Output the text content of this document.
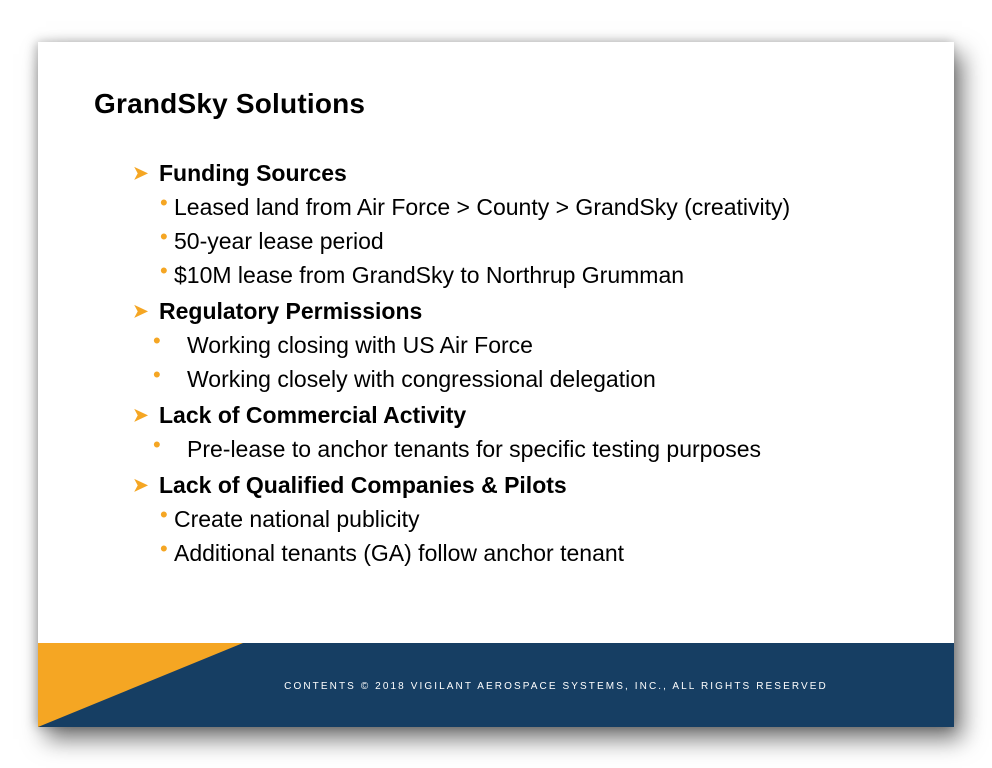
GrandSky Solutions
➤ Funding Sources
• Leased land from Air Force > County > GrandSky (creativity)
• 50-year lease period
• $10M lease from GrandSky to Northrup Grumman
➤ Regulatory Permissions
•	Working closing with US Air Force
•	Working closely with congressional delegation
➤ Lack of Commercial Activity
•	Pre-lease to anchor tenants for specific testing purposes
➤ Lack of Qualified Companies & Pilots
• Create national publicity
• Additional tenants (GA) follow anchor tenant
CONTENTS © 2018 VIGILANT AEROSPACE SYSTEMS, INC., ALL RIGHTS RESERVED
